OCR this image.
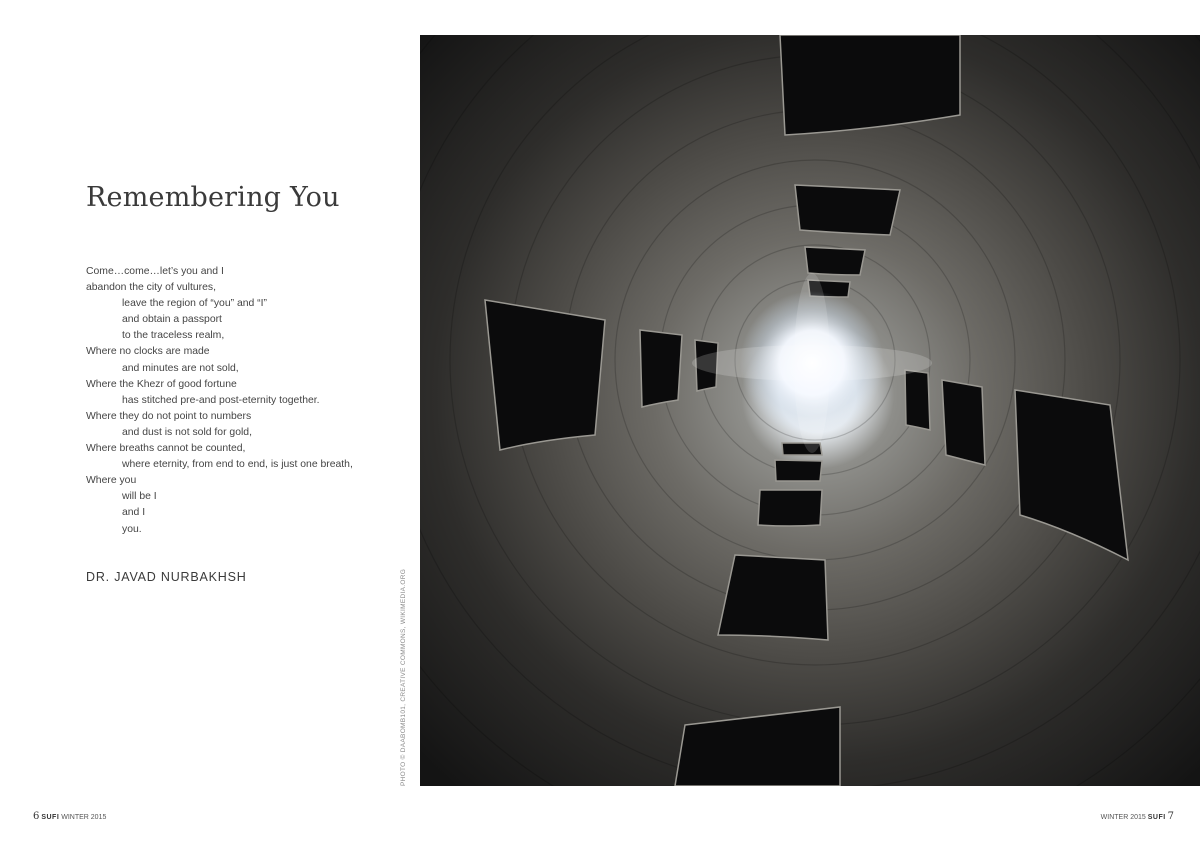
Remembering You
Come…come…let’s you and I
abandon the city of vultures,
leave the region of “you” and “I”
and obtain a passport
to the traceless realm,
Where no clocks are made
and minutes are not sold,
Where the Khezr of good fortune
has stitched pre-and post-eternity together.
Where they do not point to numbers
and dust is not sold for gold,
Where breaths cannot be counted,
where eternity, from end to end, is just one breath,
Where you
will be I
and I
you.
DR. JAVAD NURBAKHSH	PHOTO © DAABOMB101, CREATIVE COMMONS, WIKIMEDIA.ORG
6 SUFI WINTER 2015	WINTER 2015 SUFI 7
